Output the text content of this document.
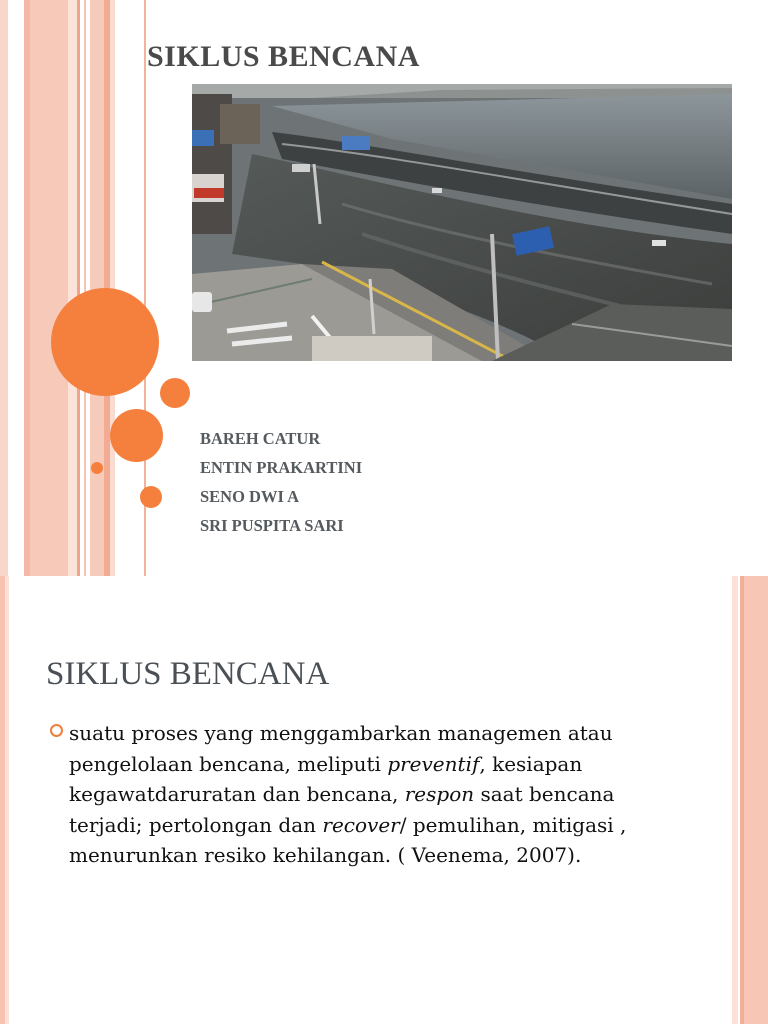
SIKLUS BENCANA
BAREH CATUR
ENTIN PRAKARTINI
SENO DWI A
SRI PUSPITA SARI
SIKLUS BENCANA
suatu proses yang menggambarkan managemen atau pengelolaan bencana, meliputi preventif, kesiapan kegawatdaruratan dan bencana, respon saat bencana terjadi; pertolongan dan recover/ pemulihan, mitigasi , menurunkan resiko kehilangan. ( Veenema, 2007).
